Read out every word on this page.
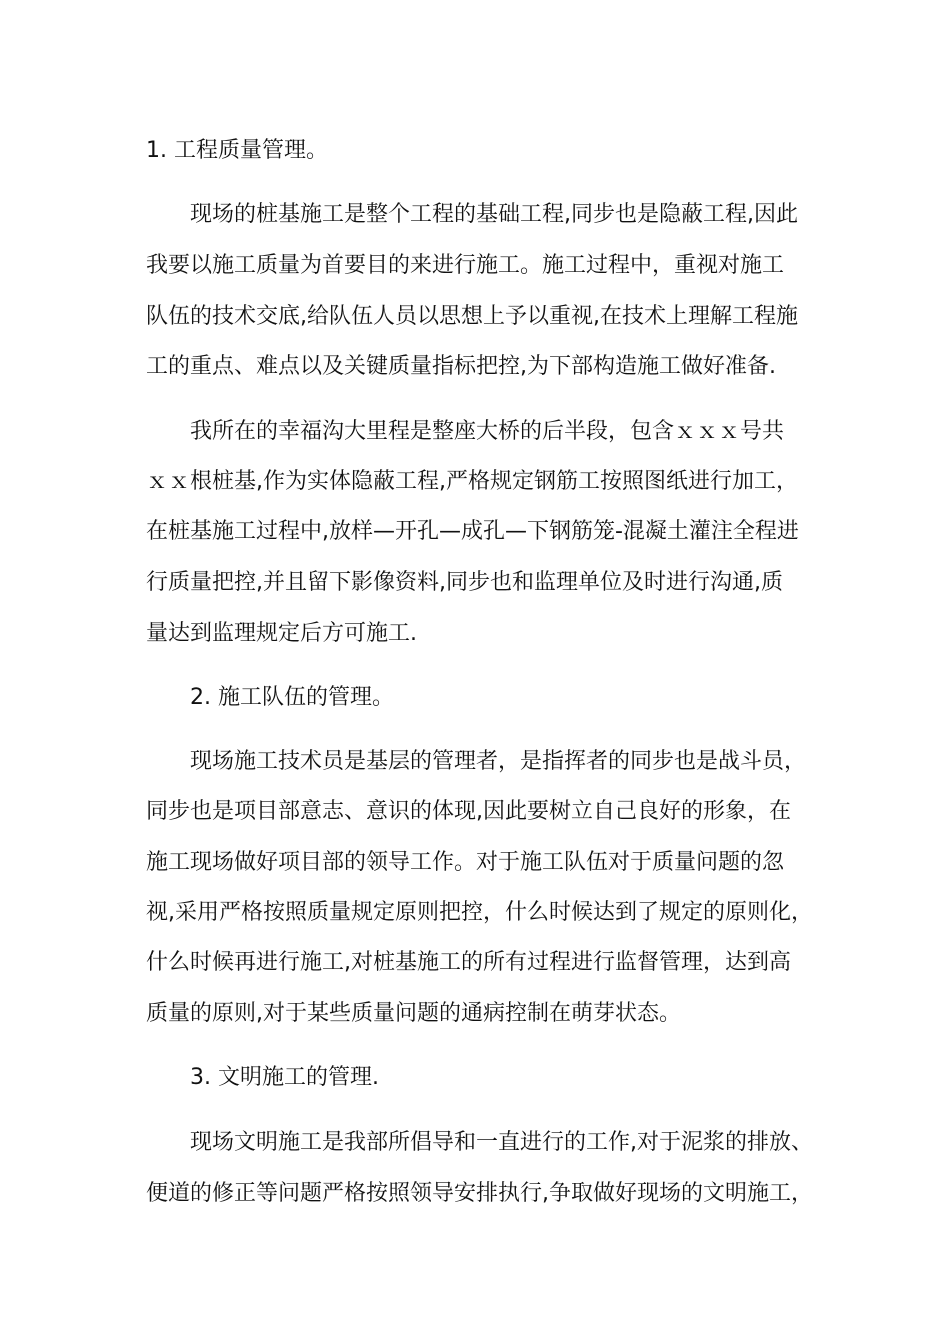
1. 工程质量管理。
现场的桩基施工是整个工程的基础工程,同步也是隐蔽工程,因此
我要以施工质量为首要目的来进行施工。施工过程中，重视对施工
队伍的技术交底,给队伍人员以思想上予以重视,在技术上理解工程施
工的重点、难点以及关键质量指标把控,为下部构造施工做好准备.
我所在的幸福沟大里程是整座大桥的后半段，包含ｘｘｘ号共
ｘｘ根桩基,作为实体隐蔽工程,严格规定钢筋工按照图纸进行加工，
在桩基施工过程中,放样—开孔—成孔—下钢筋笼-混凝土灌注全程进
行质量把控,并且留下影像资料,同步也和监理单位及时进行沟通,质
量达到监理规定后方可施工.
2. 施工队伍的管理。
现场施工技术员是基层的管理者，是指挥者的同步也是战斗员，
同步也是项目部意志、意识的体现,因此要树立自己良好的形象，在
施工现场做好项目部的领导工作。对于施工队伍对于质量问题的忽
视,采用严格按照质量规定原则把控，什么时候达到了规定的原则化，
什么时候再进行施工,对桩基施工的所有过程进行监督管理，达到高
质量的原则,对于某些质量问题的通病控制在萌芽状态。
3. 文明施工的管理.
现场文明施工是我部所倡导和一直进行的工作,对于泥浆的排放、
便道的修正等问题严格按照领导安排执行,争取做好现场的文明施工，
